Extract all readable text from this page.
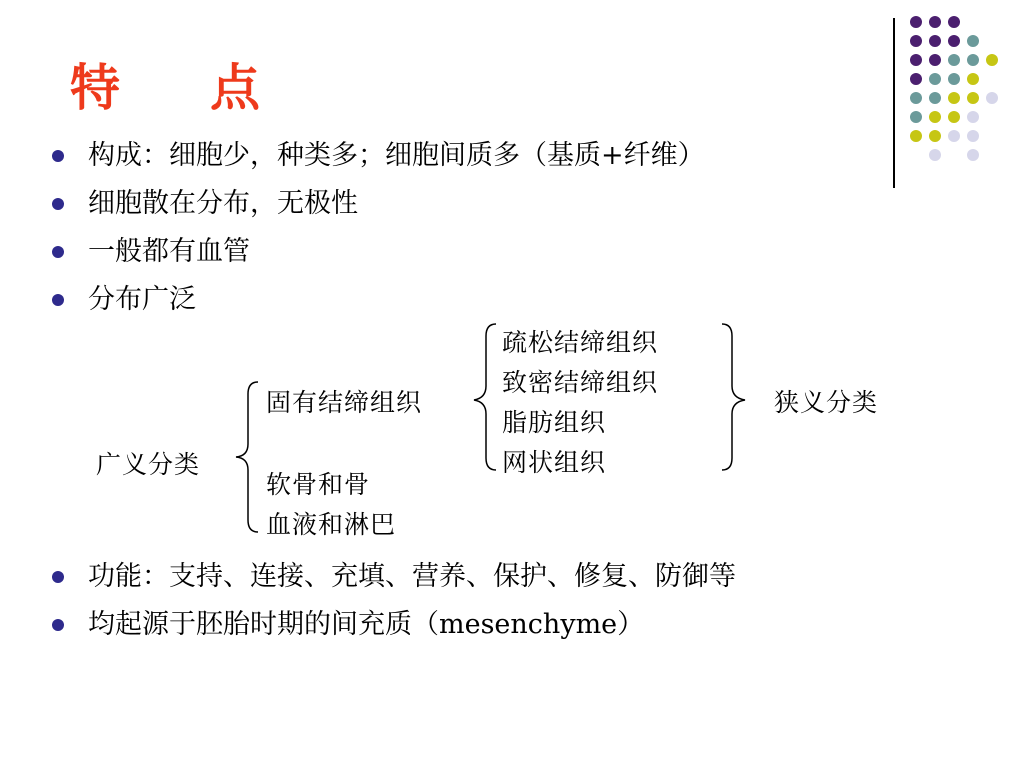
特 点
构成：细胞少，种类多；细胞间质多（基质+纤维）
细胞散在分布，无极性
一般都有血管
分布广泛
广义分类
固有结缔组织
软骨和骨
血液和淋巴
疏松结缔组织
致密结缔组织
脂肪组织
网状组织
狭义分类
功能：支持、连接、充填、营养、保护、修复、防御等
均起源于胚胎时期的间充质（mesenchyme）
